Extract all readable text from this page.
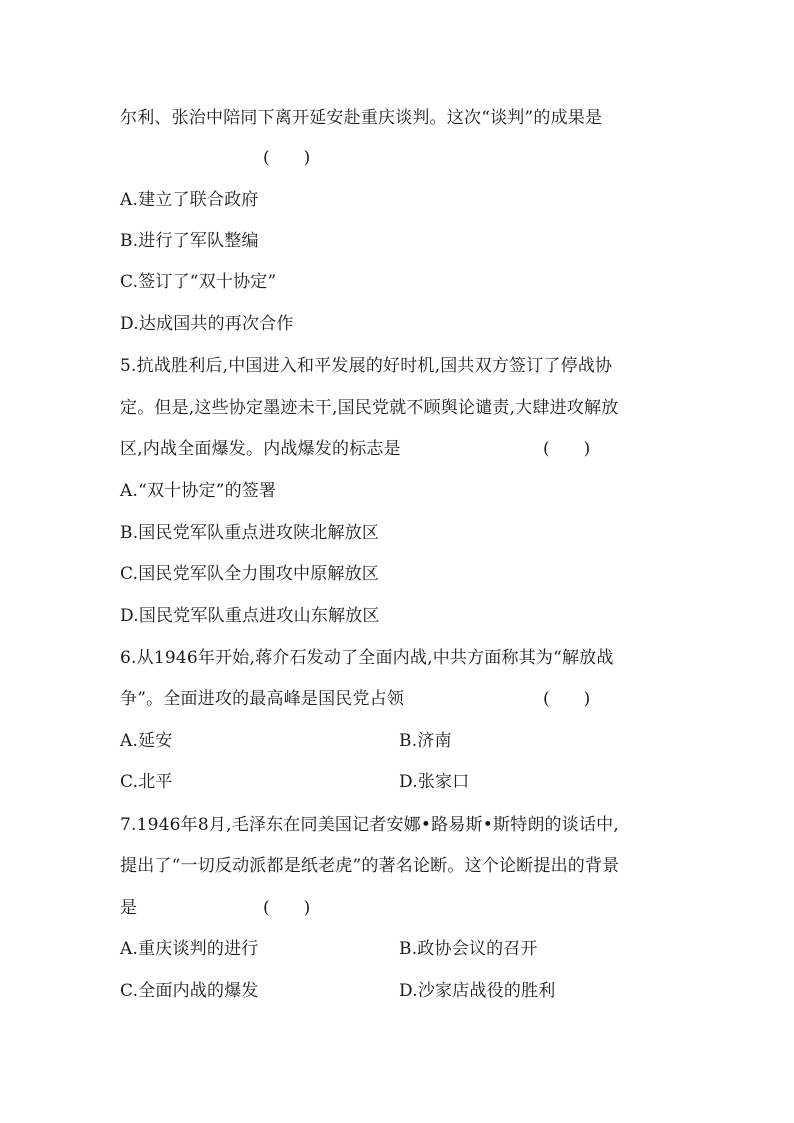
尔利、张治中陪同下离开延安赴重庆谈判。这次“谈判”的成果是
(　　)
A.建立了联合政府
B.进行了军队整编
C.签订了“双十协定”
D.达成国共的再次合作
5.抗战胜利后,中国进入和平发展的好时机,国共双方签订了停战协
定。但是,这些协定墨迹未干,国民党就不顾舆论谴责,大肆进攻解放
区,内战全面爆发。内战爆发的标志是	(　　)
A.“双十协定”的签署
B.国民党军队重点进攻陕北解放区
C.国民党军队全力围攻中原解放区
D.国民党军队重点进攻山东解放区
6.从1946年开始,蒋介石发动了全面内战,中共方面称其为“解放战
争”。全面进攻的最高峰是国民党占领	(　　)
A.延安	B.济南
C.北平	D.张家口
7.1946年8月,毛泽东在同美国记者安娜•路易斯•斯特朗的谈话中,
提出了“一切反动派都是纸老虎”的著名论断。这个论断提出的背景
是	(　　)
A.重庆谈判的进行	B.政协会议的召开
C.全面内战的爆发	D.沙家店战役的胜利
